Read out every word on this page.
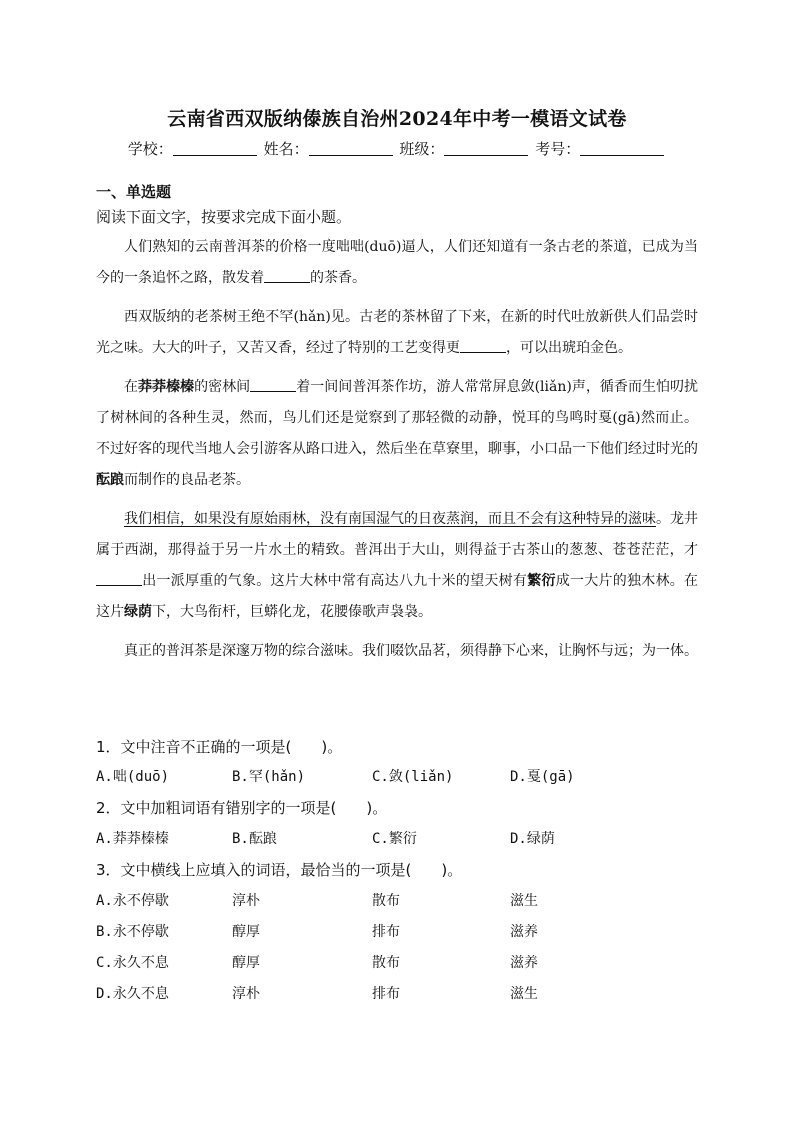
云南省西双版纳傣族自治州2024年中考一模语文试卷
学校：	姓名：	班级：	考号：
一、单选题
阅读下面文字，按要求完成下面小题。

人们熟知的云南普洱茶的价格一度咄咄(duō)逼人，人们还知道有一条古老的茶道，已成为当今的一条追怀之路，散发着	的茶香。

西双版纳的老茶树王绝不罕(hǎn)见。古老的茶林留了下来，在新的时代吐放新供人们品尝时光之味。大大的叶子，又苦又香，经过了特别的工艺变得更	，可以出琥珀金色。

在莽莽榛榛的密林间	着一间间普洱茶作坊，游人常常屏息敛(liǎn)声，循香而生怕叨扰了树林间的各种生灵，然而，鸟儿们还是觉察到了那轻微的动静，悦耳的鸟鸣时戛(gā)然而止。不过好客的现代当地人会引游客从路口进入，然后坐在草寮里，聊事，小口品一下他们经过时光的酝踉而制作的良品老茶。

我们相信，如果没有原始雨林，没有南国湿气的日夜蒸润，而且不会有这种特异的滋味。龙井属于西湖，那得益于另一片水土的精致。普洱出于大山，则得益于古茶山的葱葱、苍苍茫茫，才出一派厚重的气象。这片大林中常有高达八九十米的望天树有繁衍成一大片的独木林。在这片绿荫下，大鸟衔杆，巨蟒化龙，花腰傣歌声袅袅。

真正的普洱茶是深邃万物的综合滋味。我们啜饮品茗，须得静下心来，让胸怀与远；为一体。

1．文中注音不正确的一项是(　　)。
A.咄(duō)	B.罕(hǎn)	C.敛(liǎn)	D.戛(gā)
2．文中加粗词语有错别字的一项是(　　)。
A.莽莽榛榛	B.酝踉	C.繁衍	D.绿荫
3．文中横线上应填入的词语，最恰当的一项是(　　)。
A.永不停歇	淳朴	散布	滋生
B.永不停歇	醇厚	排布	滋养
C.永久不息	醇厚	散布	滋养
D.永久不息	淳朴	排布	滋生
